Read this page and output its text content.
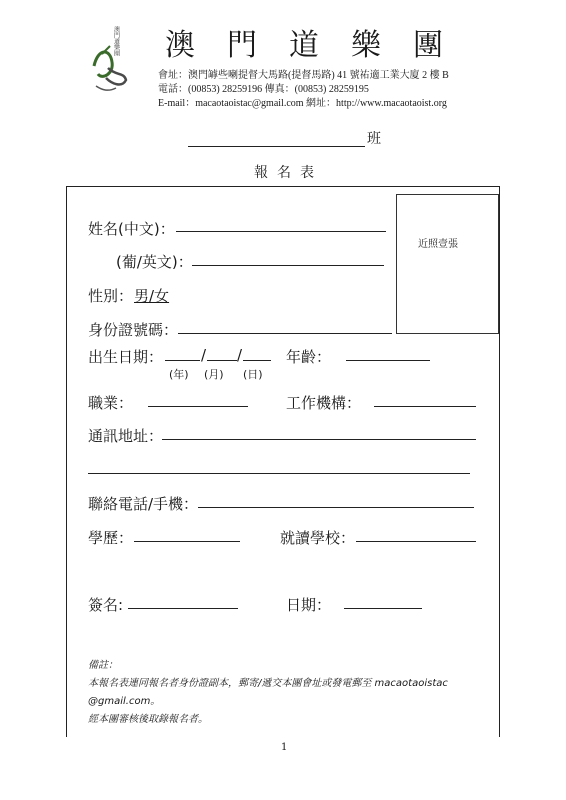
澳門道樂團 澳門道樂團
會址：澳門罅些喇提督大馬路(提督馬路) 41 號祐適工業大廈 2 樓 B
電話：(00853) 28259196 傳真：(00853) 28259195
E-mail：macaotaoistac@gmail.com 網址：http://www.macaotaoist.org
班
報名表
近照壹張
姓名(中文)：
(葡/英文)：
性別： 男/女
身份證號碼：
出生日期：	/ /
(年) (月) (日)
年齡：
職業：	工作機構：
通訊地址：
聯絡電話/手機：
學歷：	就讀學校：
簽名:	日期：
備註：
本報名表連同報名者身份證副本，郵寄/遞交本團會址或發電郵至 macaotaoistac
@gmail.com。
經本團審核後取錄報名者。
1
